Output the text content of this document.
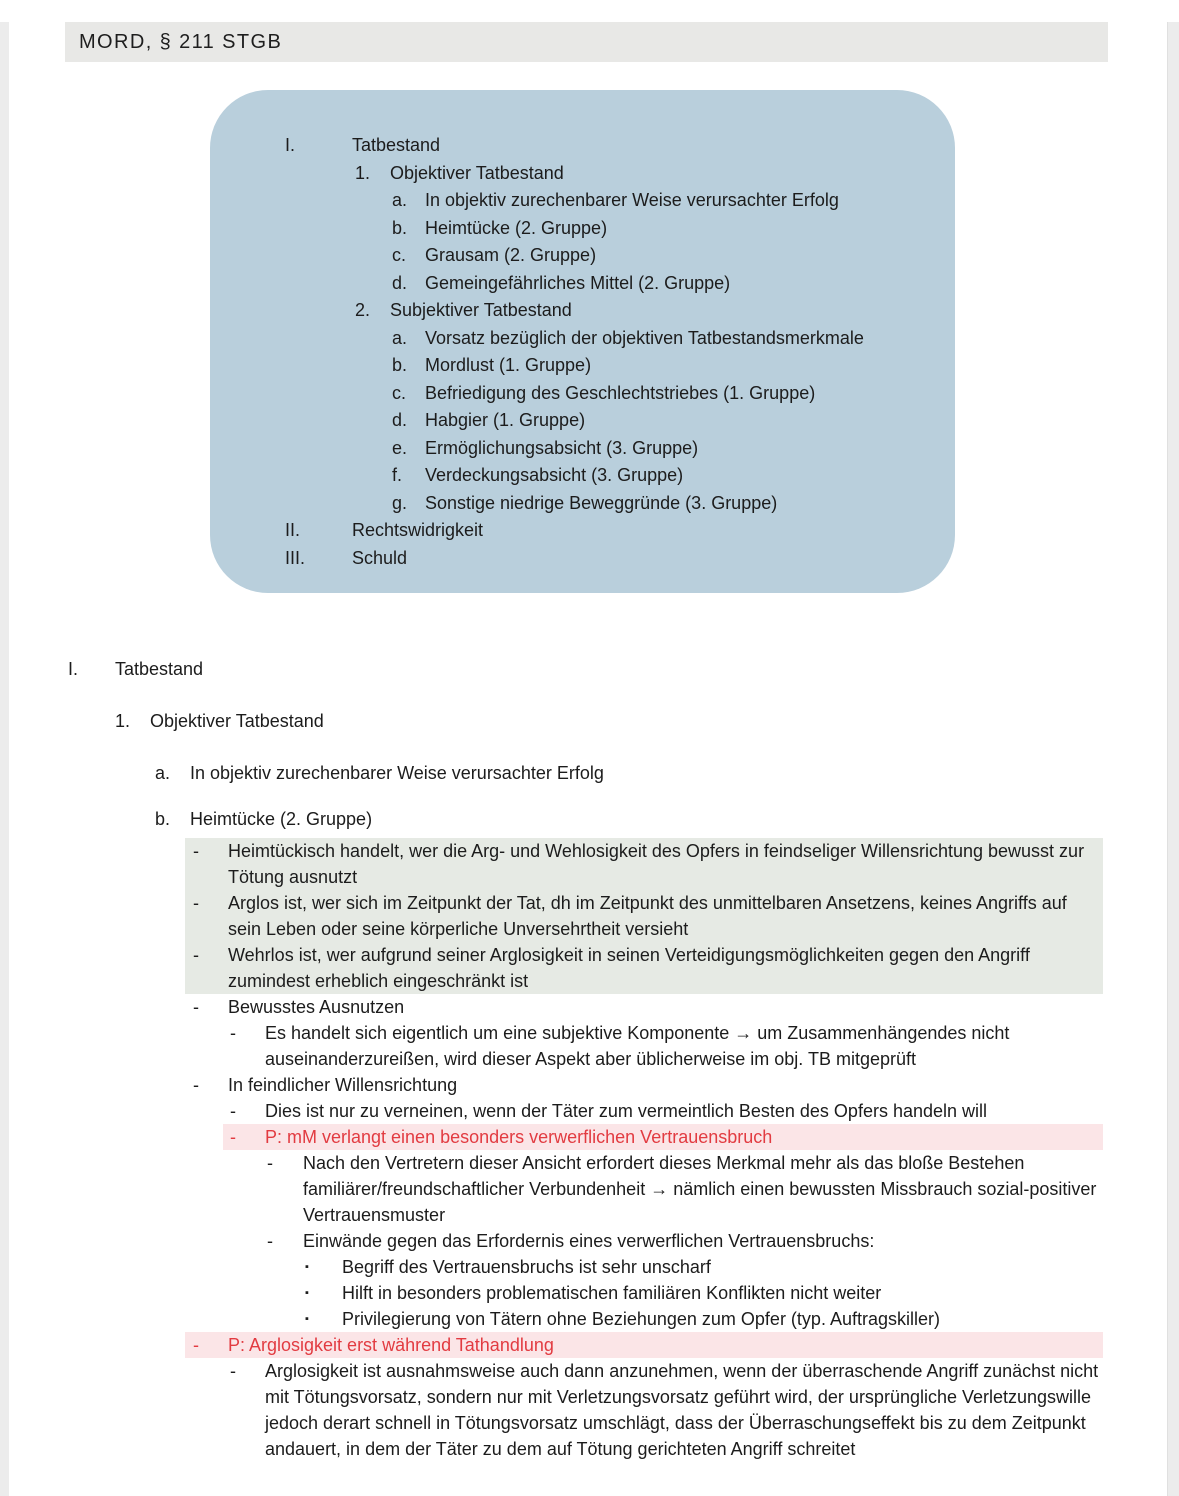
MORD, § 211 STGB
I.	Tatbestand
1. Objektiver Tatbestand
a. In objektiv zurechenbarer Weise verursachter Erfolg
b. Heimtücke (2. Gruppe)
c. Grausam (2. Gruppe)
d. Gemeingefährliches Mittel (2. Gruppe)
2. Subjektiver Tatbestand
a. Vorsatz bezüglich der objektiven Tatbestandsmerkmale
b. Mordlust (1. Gruppe)
c. Befriedigung des Geschlechtstriebes (1. Gruppe)
d. Habgier (1. Gruppe)
e. Ermöglichungsabsicht (3. Gruppe)
f. Verdeckungsabsicht (3. Gruppe)
g. Sonstige niedrige Beweggründe (3. Gruppe)
II.	Rechtswidrigkeit
III.	Schuld
I. Tatbestand
1. Objektiver Tatbestand
a. In objektiv zurechenbarer Weise verursachter Erfolg
b. Heimtücke (2. Gruppe)
- Heimtückisch handelt, wer die Arg- und Wehlosigkeit des Opfers in feindseliger Willensrichtung bewusst zur Tötung ausnutzt
- Arglos ist, wer sich im Zeitpunkt der Tat, dh im Zeitpunkt des unmittelbaren Ansetzens, keines Angriffs auf sein Leben oder seine körperliche Unversehrtheit versieht
- Wehrlos ist, wer aufgrund seiner Arglosigkeit in seinen Verteidigungsmöglichkeiten gegen den Angriff zumindest erheblich eingeschränkt ist
- Bewusstes Ausnutzen
- Es handelt sich eigentlich um eine subjektive Komponente → um Zusammenhängendes nicht auseinanderzureißen, wird dieser Aspekt aber üblicherweise im obj. TB mitgeprüft
- In feindlicher Willensrichtung
- Dies ist nur zu verneinen, wenn der Täter zum vermeintlich Besten des Opfers handeln will
- P: mM verlangt einen besonders verwerflichen Vertrauensbruch
- Nach den Vertretern dieser Ansicht erfordert dieses Merkmal mehr als das bloße Bestehen familiärer/freundschaftlicher Verbundenheit → nämlich einen bewussten Missbrauch sozial-positiver Vertrauensmuster
- Einwände gegen das Erfordernis eines verwerflichen Vertrauensbruchs:
▪ Begriff des Vertrauensbruchs ist sehr unscharf
▪ Hilft in besonders problematischen familiären Konflikten nicht weiter
▪ Privilegierung von Tätern ohne Beziehungen zum Opfer (typ. Auftragskiller)
- P: Arglosigkeit erst während Tathandlung
- Arglosigkeit ist ausnahmsweise auch dann anzunehmen, wenn der überraschende Angriff zunächst nicht mit Tötungsvorsatz, sondern nur mit Verletzungsvorsatz geführt wird, der ursprüngliche Verletzungswille jedoch derart schnell in Tötungsvorsatz umschlägt, dass der Überraschungseffekt bis zu dem Zeitpunkt andauert, in dem der Täter zu dem auf Tötung gerichteten Angriff schreitet
